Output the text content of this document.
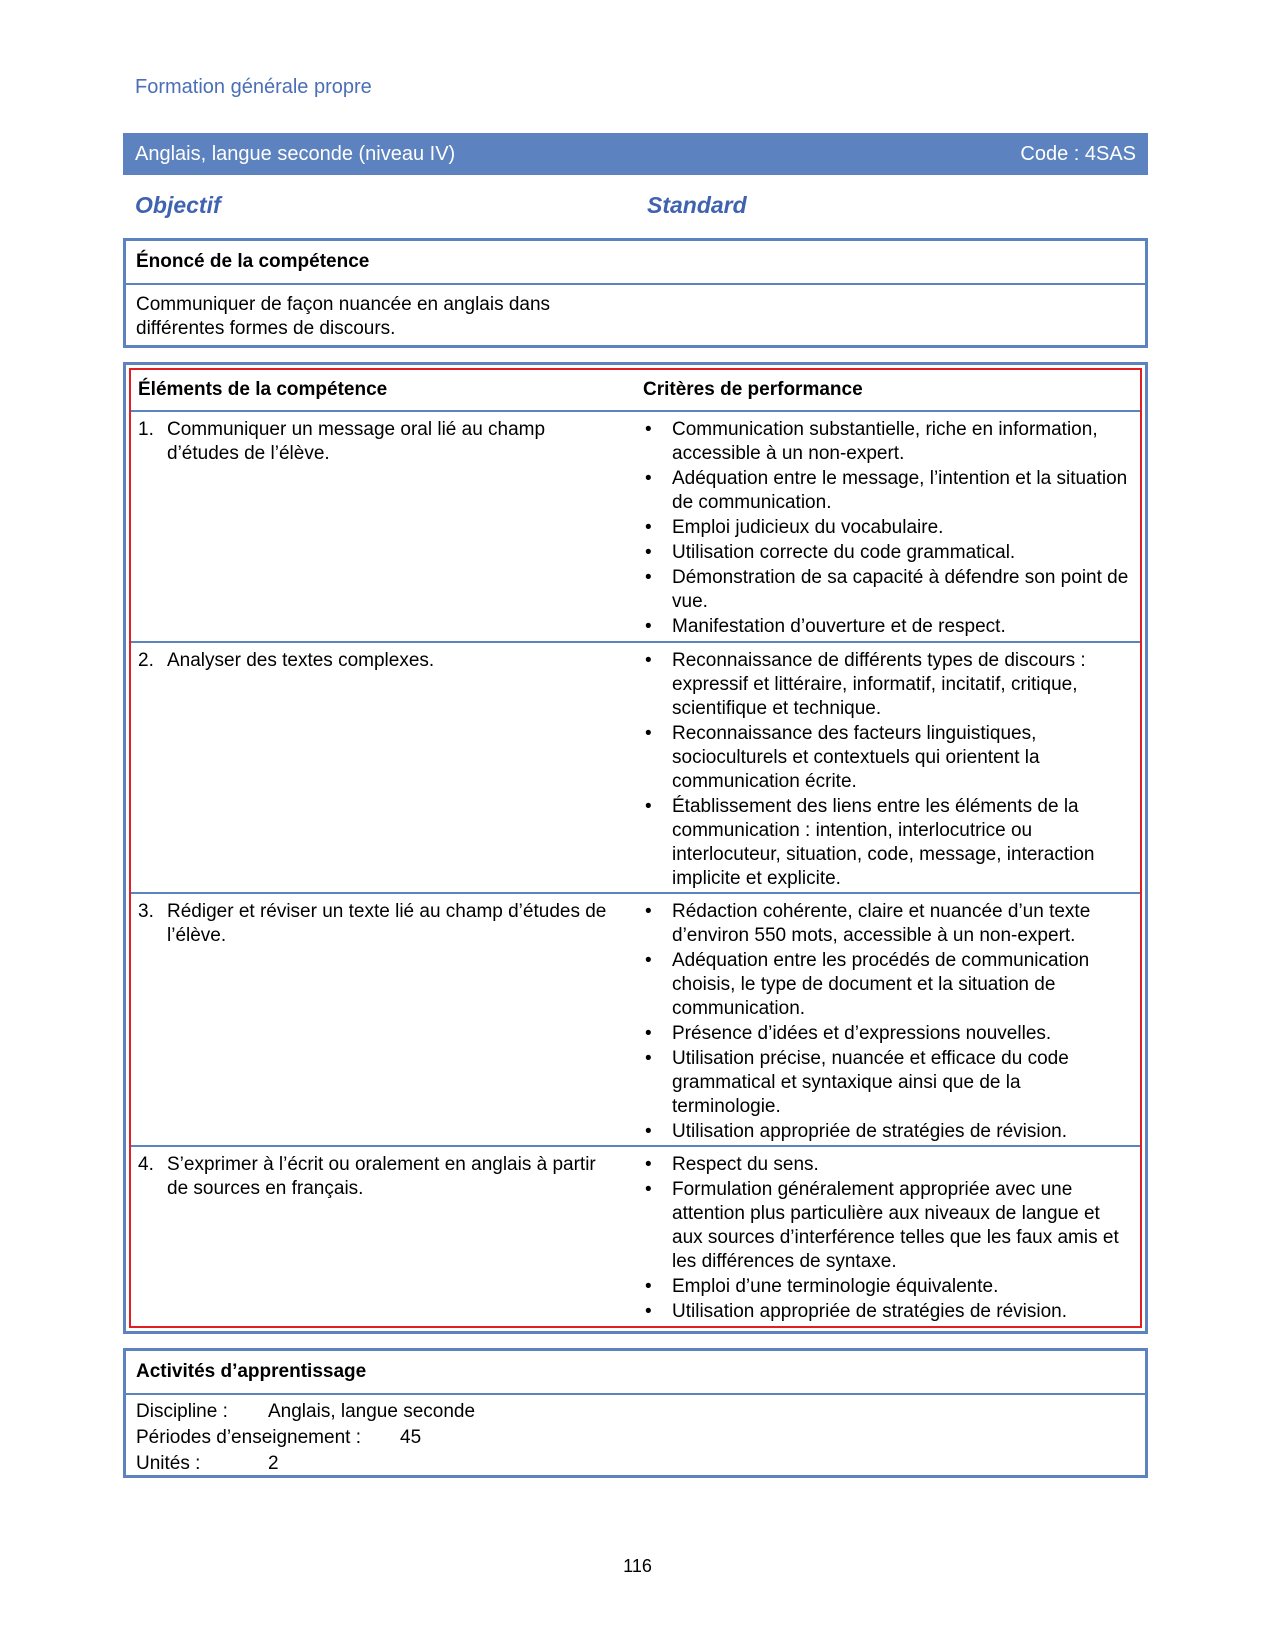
Formation générale propre
Anglais, langue seconde (niveau IV)	Code : 4SAS
Objectif	Standard
Énoncé de la compétence
Communiquer de façon nuancée en anglais dans différentes formes de discours.
Éléments de la compétence	Critères de performance
1. Communiquer un message oral lié au champ d’études de l’élève.
• Communication substantielle, riche en information, accessible à un non-expert.
• Adéquation entre le message, l’intention et la situation de communication.
• Emploi judicieux du vocabulaire.
• Utilisation correcte du code grammatical.
• Démonstration de sa capacité à défendre son point de vue.
• Manifestation d’ouverture et de respect.
2. Analyser des textes complexes.
•	Reconnaissance de différents types de discours : expressif et littéraire, informatif, incitatif, critique, scientifique et technique.
• Reconnaissance des facteurs linguistiques, socioculturels et contextuels qui orientent la communication écrite.
• Établissement des liens entre les éléments de la communication : intention, interlocutrice ou interlocuteur, situation, code, message, interaction implicite et explicite.
3. Rédiger et réviser un texte lié au champ d’études de l’élève.
• Rédaction cohérente, claire et nuancée d’un texte d’environ 550 mots, accessible à un non-expert.
• Adéquation entre les procédés de communication choisis, le type de document et la situation de communication.
• Présence d’idées et d’expressions nouvelles.
• Utilisation précise, nuancée et efficace du code grammatical et syntaxique ainsi que de la terminologie.
• Utilisation appropriée de stratégies de révision.
4. S’exprimer à l’écrit ou oralement en anglais à partir de sources en français.
• Respect du sens.
• Formulation généralement appropriée avec une attention plus particulière aux niveaux de langue et aux sources d’interférence telles que les faux amis et les différences de syntaxe.
• Emploi d’une terminologie équivalente.
• Utilisation appropriée de stratégies de révision.
Activités d’apprentissage
Discipline : Anglais, langue seconde
Périodes d’enseignement : 45
Unités :	2
116
